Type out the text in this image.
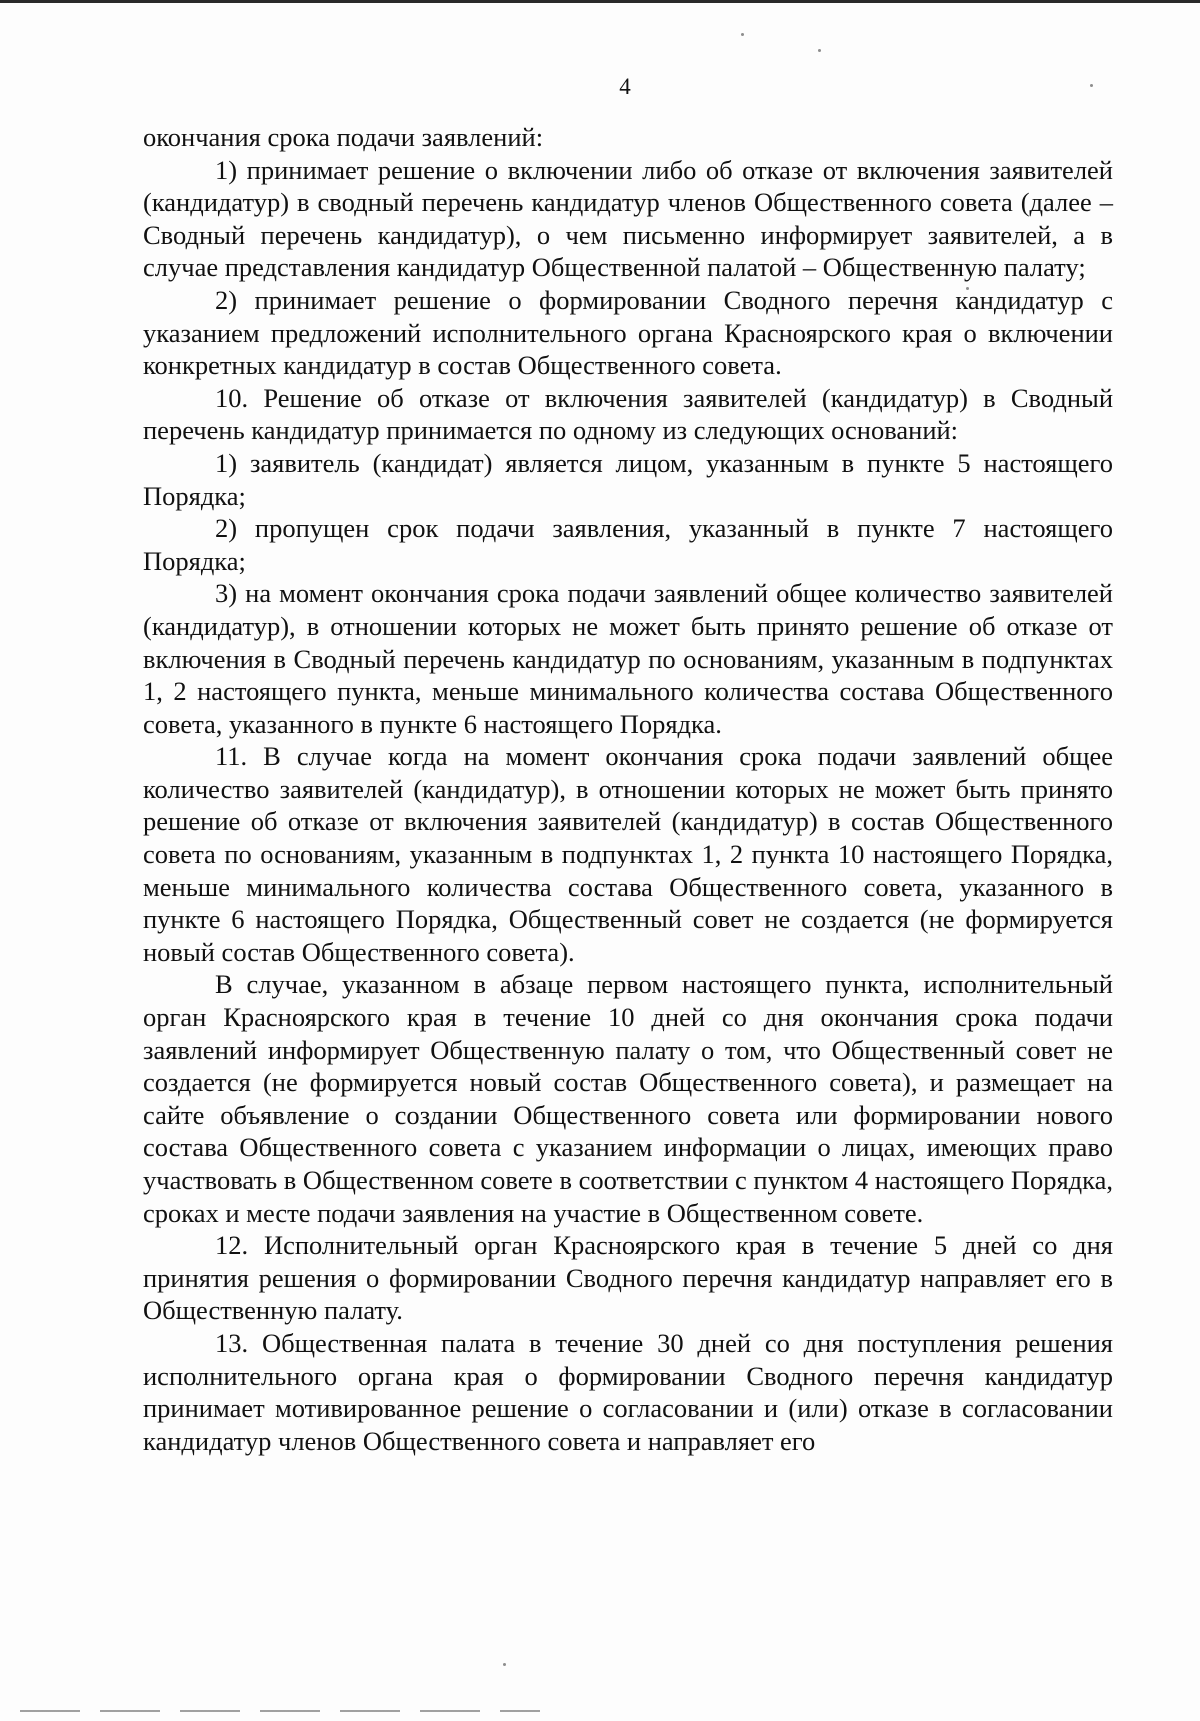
4

окончания срока подачи заявлений:

1) принимает решение о включении либо об отказе от включения заявителей (кандидатур) в сводный перечень кандидатур членов Общественного совета (далее – Сводный перечень кандидатур), о чем письменно информирует заявителей, а в случае представления кандидатур Общественной палатой – Общественную палату;

2) принимает решение о формировании Сводного перечня кандидатур с указанием предложений исполнительного органа Красноярского края о включении конкретных кандидатур в состав Общественного совета.

10. Решение об отказе от включения заявителей (кандидатур) в Сводный перечень кандидатур принимается по одному из следующих оснований:

1) заявитель (кандидат) является лицом, указанным в пункте 5 настоящего Порядка;

2) пропущен срок подачи заявления, указанный в пункте 7 настоящего Порядка;

3) на момент окончания срока подачи заявлений общее количество заявителей (кандидатур), в отношении которых не может быть принято решение об отказе от включения в Сводный перечень кандидатур по основаниям, указанным в подпунктах 1, 2 настоящего пункта, меньше минимального количества состава Общественного совета, указанного в пункте 6 настоящего Порядка.

11. В случае когда на момент окончания срока подачи заявлений общее количество заявителей (кандидатур), в отношении которых не может быть принято решение об отказе от включения заявителей (кандидатур) в состав Общественного совета по основаниям, указанным в подпунктах 1, 2 пункта 10 настоящего Порядка, меньше минимального количества состава Общественного совета, указанного в пункте 6 настоящего Порядка, Общественный совет не создается (не формируется новый состав Общественного совета).

В случае, указанном в абзаце первом настоящего пункта, исполнительный орган Красноярского края в течение 10 дней со дня окончания срока подачи заявлений информирует Общественную палату о том, что Общественный совет не создается (не формируется новый состав Общественного совета), и размещает на сайте объявление о создании Общественного совета или формировании нового состава Общественного совета с указанием информации о лицах, имеющих право участвовать в Общественном совете в соответствии с пунктом 4 настоящего Порядка, сроках и месте подачи заявления на участие в Общественном совете.

12. Исполнительный орган Красноярского края в течение 5 дней со дня принятия решения о формировании Сводного перечня кандидатур направляет его в Общественную палату.

13. Общественная палата в течение 30 дней со дня поступления решения исполнительного органа края о формировании Сводного перечня кандидатур принимает мотивированное решение о согласовании и (или) отказе в согласовании кандидатур членов Общественного совета и направляет его
